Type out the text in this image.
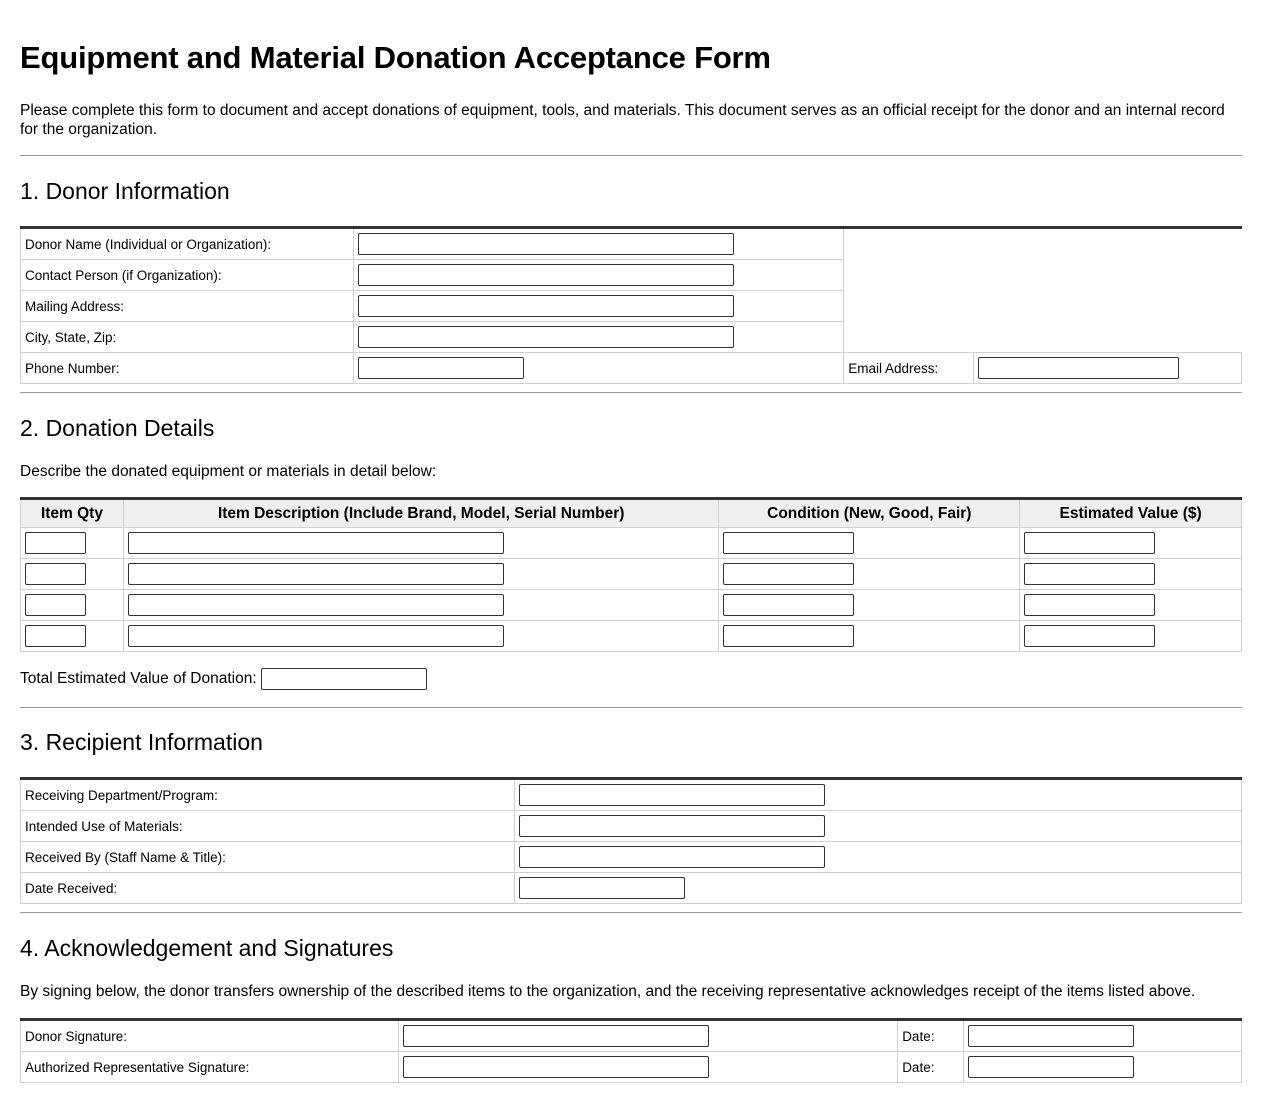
Equipment and Material Donation Acceptance Form

Please complete this form to document and accept donations of equipment, tools, and materials. This document serves as an official receipt for the donor and an internal record for the organization.

1. Donor Information
Donor Name (Individual or Organization):	

Contact Person (if Organization):	

Mailing Address:	

City, State, Zip:	

Phone Number:		Email Address:	
2. Donation Details

Describe the donated equipment or materials in detail below:

Item Qty	Item Description (Include Brand, Model, Serial Number)	Condition (New, Good, Fair)	Estimated Value ($)

Total Estimated Value of Donation:
3. Recipient Information
Receiving Department/Program:	

Intended Use of Materials:	

Received By (Staff Name & Title):	

Date Received:	
4. Acknowledgement and Signatures

By signing below, the donor transfers ownership of the described items to the organization, and the receiving representative acknowledges receipt of the items listed above.

Donor Signature:		Date:	

Authorized Representative Signature:		Date:	
